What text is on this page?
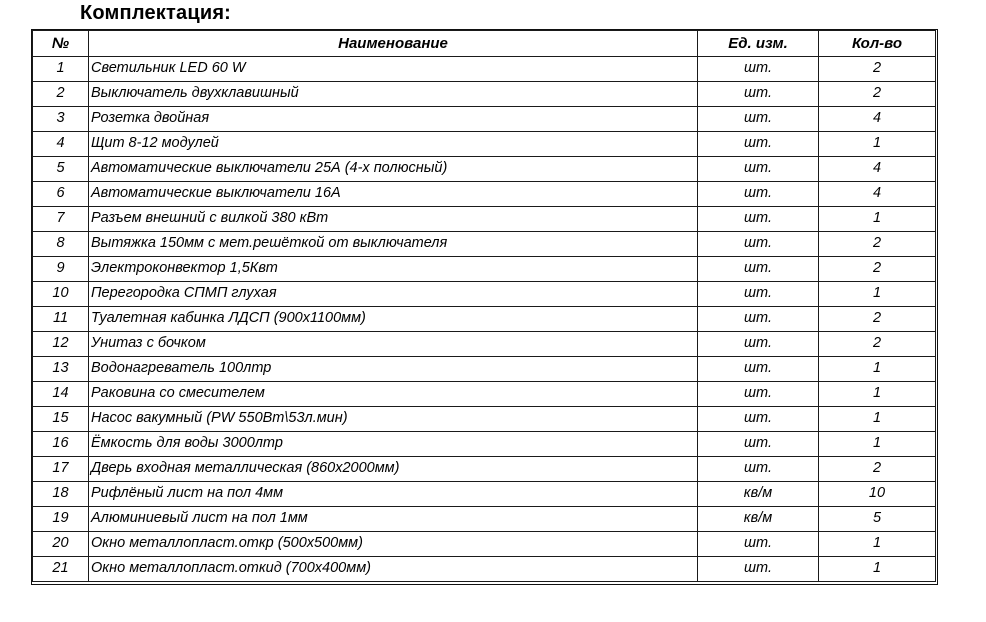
Комплектация:
№	Наименование	Ед. изм.	Кол-во
1	Светильник LED 60 W	шт.	2
2	Выключатель двухклавишный	шт.	2
3	Розетка двойная	шт.	4
4	Щит 8-12 модулей	шт.	1
5	Автоматические выключатели 25А (4-х полюсный)	шт.	4
6	Автоматические выключатели 16А	шт.	4
7	Разъем внешний с вилкой 380 кВт	шт.	1
8	Вытяжка 150мм с мет.решёткой от выключателя	шт.	2
9	Электроконвектор 1,5Квт	шт.	2
10	Перегородка СПМП глухая	шт.	1
11	Туалетная кабинка ЛДСП (900х1100мм)	шт.	2
12	Унитаз с бочком	шт.	2
13	Водонагреватель 100лтр	шт.	1
14	Раковина со смесителем	шт.	1
15	Насос вакумный (PW 550Вт\53л.мин)	шт.	1
16	Ёмкость для воды 3000лтр	шт.	1
17	Дверь входная металлическая (860х2000мм)	шт.	2
18	Рифлёный лист на пол 4мм	кв/м	10
19	Алюминиевый лист на пол 1мм	кв/м	5
20	Окно металлопласт.откр (500х500мм)	шт.	1
21	Окно металлопласт.откид (700х400мм)	шт.	1
